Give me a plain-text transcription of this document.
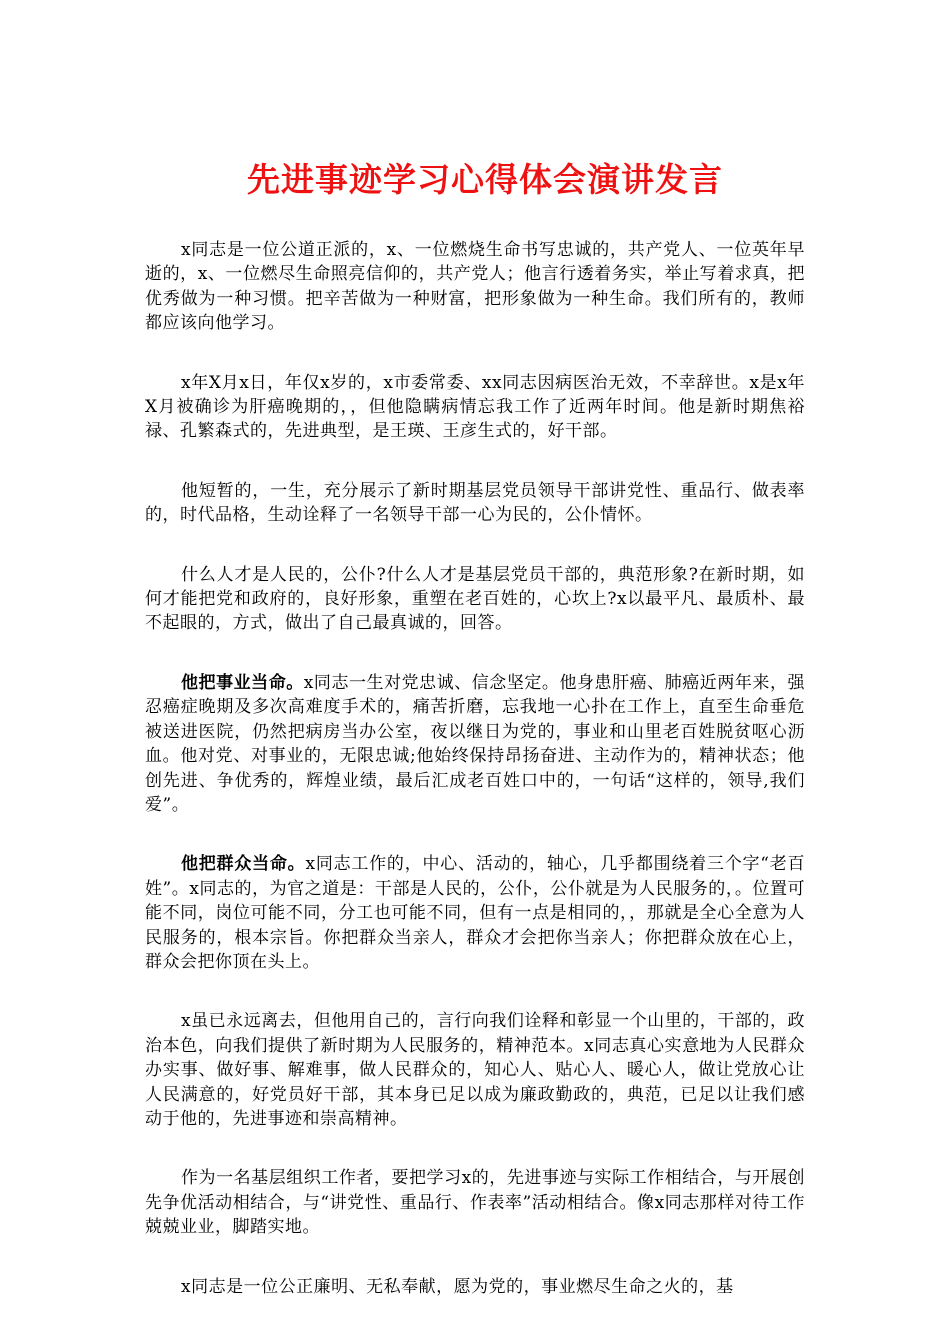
先进事迹学习心得体会演讲发言

x同志是一位公道正派的，x、一位燃烧生命书写忠诚的，共产党人、一位英年早逝的，x、一位燃尽生命照亮信仰的，共产党人；他言行透着务实，举止写着求真，把优秀做为一种习惯。把辛苦做为一种财富，把形象做为一种生命。我们所有的，教师都应该向他学习。

x年X月x日，年仅x岁的，x市委常委、xx同志因病医治无效，不幸辞世。x是x年X月被确诊为肝癌晚期的，，但他隐瞒病情忘我工作了近两年时间。他是新时期焦裕禄、孔繁森式的，先进典型，是王瑛、王彦生式的，好干部。

他短暂的，一生，充分展示了新时期基层党员领导干部讲党性、重品行、做表率的，时代品格，生动诠释了一名领导干部一心为民的，公仆情怀。

什么人才是人民的，公仆?什么人才是基层党员干部的，典范形象?在新时期，如何才能把党和政府的，良好形象，重塑在老百姓的，心坎上?x以最平凡、最质朴、最不起眼的，方式，做出了自己最真诚的，回答。

他把事业当命。x同志一生对党忠诚、信念坚定。他身患肝癌、肺癌近两年来，强忍癌症晚期及多次高难度手术的，痛苦折磨，忘我地一心扑在工作上，直至生命垂危被送进医院，仍然把病房当办公室，夜以继日为党的，事业和山里老百姓脱贫呕心沥血。他对党、对事业的，无限忠诚;他始终保持昂扬奋进、主动作为的，精神状态；他创先进、争优秀的，辉煌业绩，最后汇成老百姓口中的，一句话“这样的，领导,我们爱”。

他把群众当命。x同志工作的，中心、活动的，轴心，几乎都围绕着三个字“老百姓”。x同志的，为官之道是：干部是人民的，公仆，公仆就是为人民服务的，。位置可能不同，岗位可能不同，分工也可能不同，但有一点是相同的，，那就是全心全意为人民服务的，根本宗旨。你把群众当亲人，群众才会把你当亲人；你把群众放在心上，群众会把你顶在头上。

x虽已永远离去，但他用自己的，言行向我们诠释和彰显一个山里的，干部的，政治本色，向我们提供了新时期为人民服务的，精神范本。x同志真心实意地为人民群众办实事、做好事、解难事，做人民群众的，知心人、贴心人、暖心人，做让党放心让人民满意的，好党员好干部，其本身已足以成为廉政勤政的，典范，已足以让我们感动于他的，先进事迹和崇高精神。

作为一名基层组织工作者，要把学习x的，先进事迹与实际工作相结合，与开展创先争优活动相结合，与“讲党性、重品行、作表率”活动相结合。像x同志那样对待工作兢兢业业，脚踏实地。

x同志是一位公正廉明、无私奉献，愿为党的，事业燃尽生命之火的，基
